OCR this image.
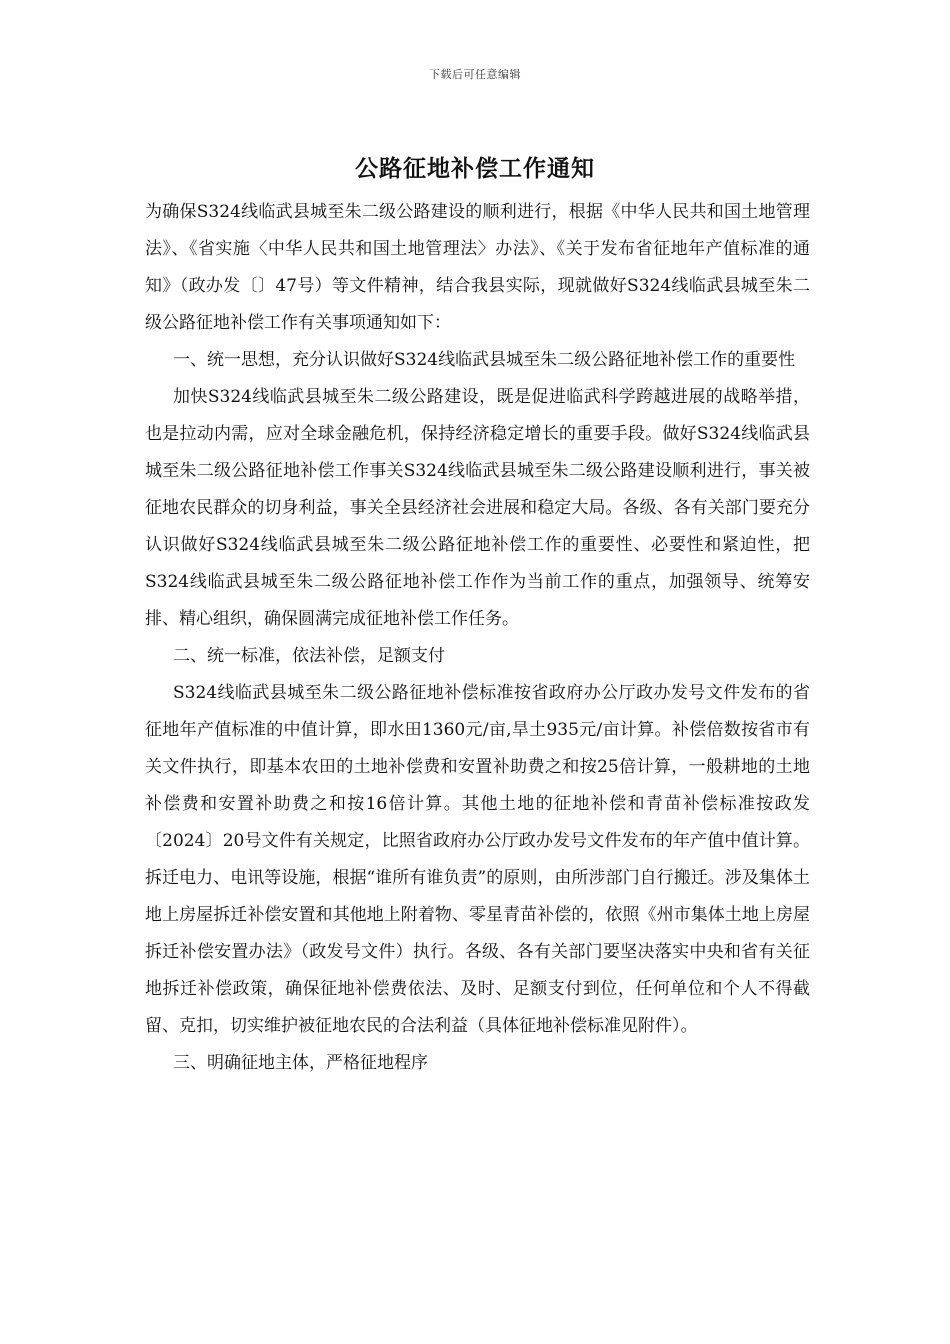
下载后可任意编辑
公路征地补偿工作通知

为确保S324线临武县城至朱二级公路建设的顺利进行，根据《中华人民共和国土地管理法》、《省实施〈中华人民共和国土地管理法〉办法》、《关于发布省征地年产值标准的通知》（政办发〔〕47号）等文件精神，结合我县实际，现就做好S324线临武县城至朱二级公路征地补偿工作有关事项通知如下：

一、统一思想，充分认识做好S324线临武县城至朱二级公路征地补偿工作的重要性

加快S324线临武县城至朱二级公路建设，既是促进临武科学跨越进展的战略举措，也是拉动内需，应对全球金融危机，保持经济稳定增长的重要手段。做好S324线临武县城至朱二级公路征地补偿工作事关S324线临武县城至朱二级公路建设顺利进行，事关被征地农民群众的切身利益，事关全县经济社会进展和稳定大局。各级、各有关部门要充分认识做好S324线临武县城至朱二级公路征地补偿工作的重要性、必要性和紧迫性，把S324线临武县城至朱二级公路征地补偿工作作为当前工作的重点，加强领导、统筹安排、精心组织，确保圆满完成征地补偿工作任务。

二、统一标准，依法补偿，足额支付

S324线临武县城至朱二级公路征地补偿标准按省政府办公厅政办发号文件发布的省征地年产值标准的中值计算，即水田1360元/亩,旱土935元/亩计算。补偿倍数按省市有关文件执行，即基本农田的土地补偿费和安置补助费之和按25倍计算，一般耕地的土地补偿费和安置补助费之和按16倍计算。其他土地的征地补偿和青苗补偿标准按政发〔2024〕20号文件有关规定，比照省政府办公厅政办发号文件发布的年产值中值计算。拆迁电力、电讯等设施，根据“谁所有谁负责”的原则，由所涉部门自行搬迁。涉及集体土地上房屋拆迁补偿安置和其他地上附着物、零星青苗补偿的，依照《州市集体土地上房屋拆迁补偿安置办法》（政发号文件）执行。各级、各有关部门要坚决落实中央和省有关征地拆迁补偿政策，确保征地补偿费依法、及时、足额支付到位，任何单位和个人不得截留、克扣，切实维护被征地农民的合法利益（具体征地补偿标准见附件）。

三、明确征地主体，严格征地程序
